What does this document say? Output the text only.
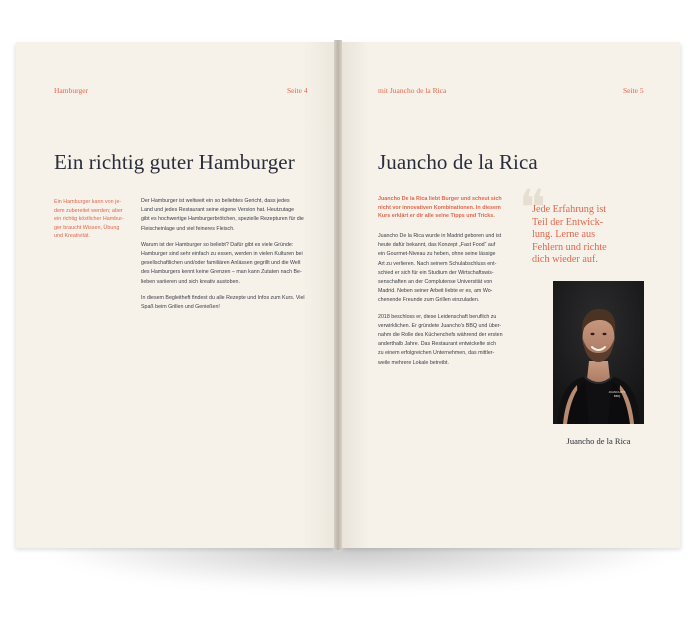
Hamburger	Seite 4
Ein richtig guter Hamburger
Ein Hamburger kann von je-
dem zubereitet werden; aber
ein richtig köstlicher Hambur-
ger braucht Wissen, Übung
und Kreativität.

Der Hamburger ist weltweit ein so beliebtes Gericht, dass jedes
Land und jedes Restaurant seine eigene Version hat. Heutzutage
gibt es hochwertige Hamburgerbrötchen, spezielle Rezepturen für die
Fleischeinlage und viel feineres Fleisch.

Warum ist der Hamburger so beliebt? Dafür gibt es viele Gründe:
Hamburger sind sehr einfach zu essen, werden in vielen Kulturen bei
gesellschaftlichen und/oder familiären Anlässen gegrillt und die Welt
des Hamburgers kennt keine Grenzen – man kann Zutaten nach Be-
lieben variieren und sich kreativ austoben.

In diesem Begleitheft findest du alle Rezepte und Infos zum Kurs. Viel
Spaß beim Grillen und Genießen!

mit Juancho de la Rica	Seite 5
Juancho de la Rica
Juancho De la Rica liebt Burger und scheut sich
nicht vor innovativen Kombinationen. In diesem
Kurs erklärt er dir alle seine Tipps und Tricks.

Juancho De la Rica wurde in Madrid geboren und ist
heute dafür bekannt, das Konzept „Fast Food“ auf
ein Gourmet-Niveau zu heben, ohne seine lässige
Art zu verlieren. Nach seinem Schulabschluss ent-
schied er sich für ein Studium der Wirtschaftswis-
senschaften an der Complutense Universität von
Madrid. Neben seiner Arbeit liebte er es, am Wo-
chenende Freunde zum Grillen einzuladen.

2018 beschloss er, diese Leidenschaft beruflich zu
verwirklichen. Er gründete Juancho's BBQ und über-
nahm die Rolle des Küchenchefs während der ersten
anderthalb Jahre. Das Restaurant entwickelte sich
zu einem erfolgreichen Unternehmen, das mittler-
weile mehrere Lokale betreibt.

❝
Jede Erfahrung ist
Teil der Entwick-
lung. Lerne aus
Fehlern und richte
dich wieder auf.
JUANCHO'S BBQ
Juancho de la Rica
